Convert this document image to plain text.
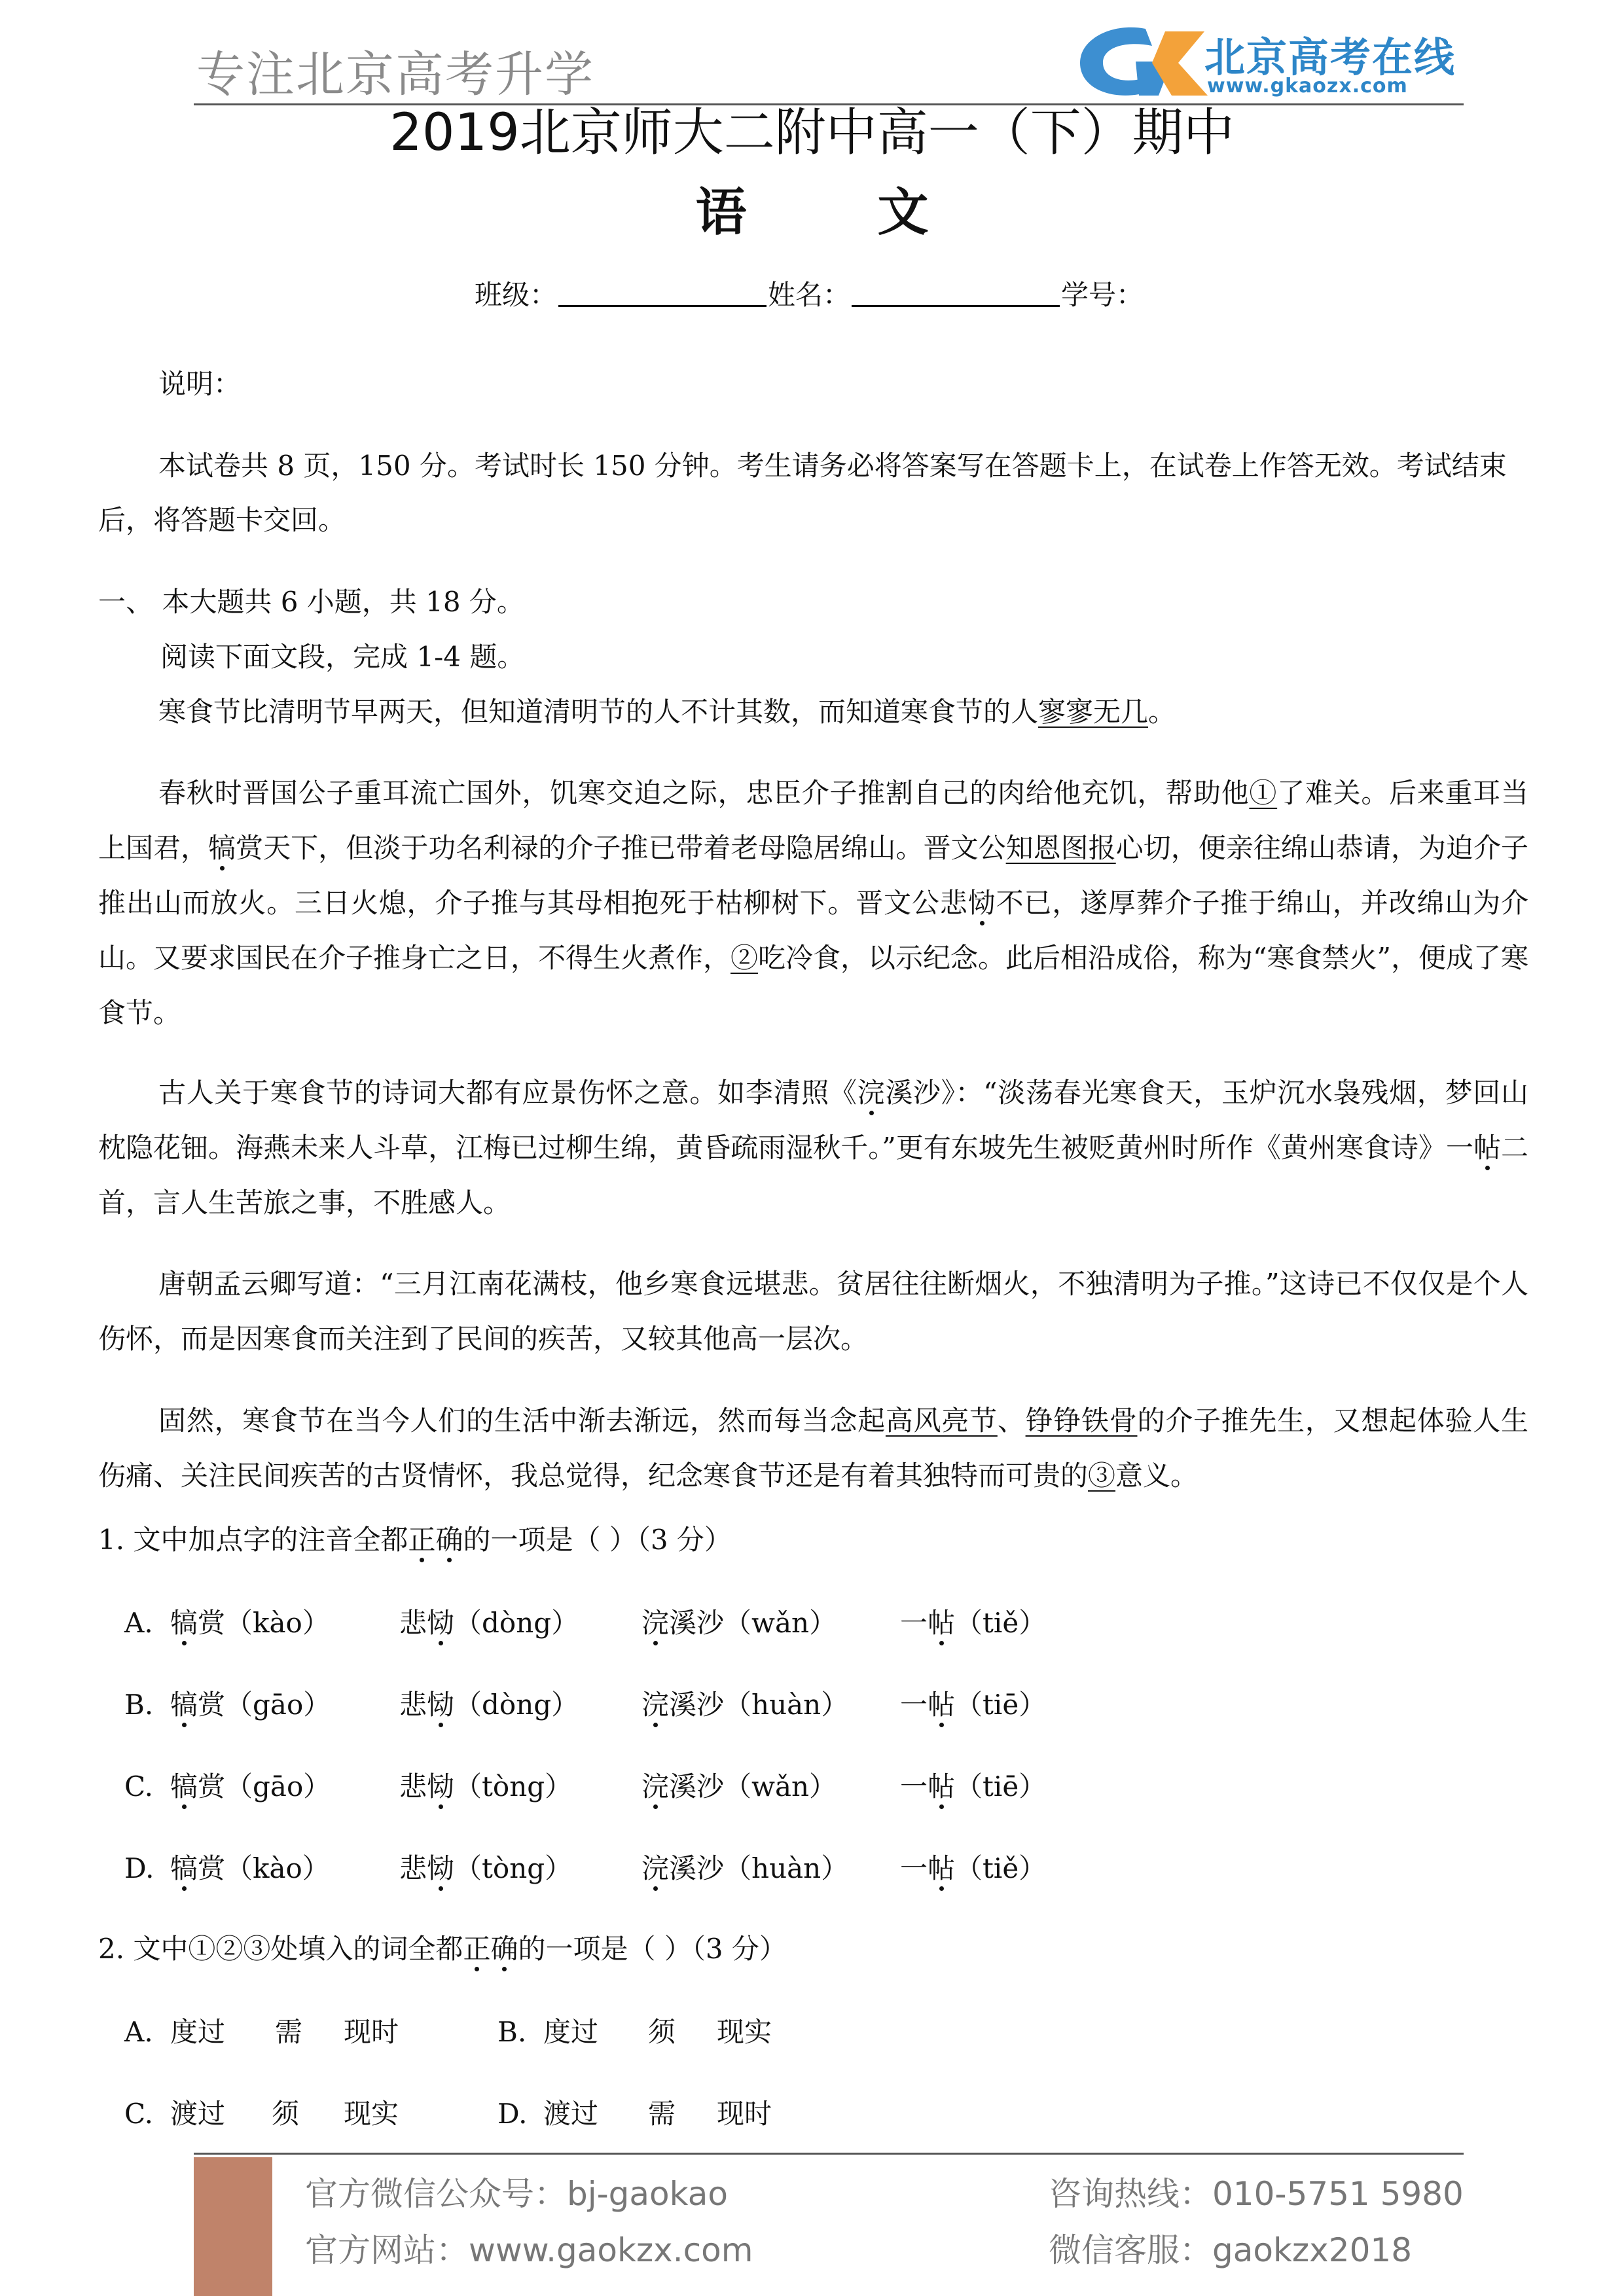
专注北京高考升学	北京高考在线
www.gkaozx.com
2019北京师大二附中高一（下）期中
语	文
班级：	姓名：	学号：
说明：
本试卷共 8 页，150 分。考试时长 150 分钟。考生请务必将答案写在答题卡上，在试卷上作答无效。考试结束
后，将答题卡交回。
一、 本大题共 6 小题，共 18 分。
阅读下面文段，完成 1-4 题。
寒食节比清明节早两天，但知道清明节的人不计其数，而知道寒食节的人寥寥无几。
春秋时晋国公子重耳流亡国外，饥寒交迫之际，忠臣介子推割自己的肉给他充饥，帮助他①了难关。后来重耳当上国君，犒赏天下，但淡于功名利禄的介子推已带着老母隐居绵山。晋文公知恩图报心切，便亲往绵山恭请，为迫介子推出山而放火。三日火熄，介子推与其母相抱死于枯柳树下。晋文公悲恸不已，遂厚葬介子推于绵山，并改绵山为介山。又要求国民在介子推身亡之日，不得生火煮作，②吃冷食，以示纪念。此后相沿成俗，称为“寒食禁火”，便成了寒食节。
古人关于寒食节的诗词大都有应景伤怀之意。如李清照《浣溪沙》：“淡荡春光寒食天，玉炉沉水袅残烟，梦回山枕隐花钿。海燕未来人斗草，江梅已过柳生绵，黄昏疏雨湿秋千。”更有东坡先生被贬黄州时所作《黄州寒食诗》一帖二首，言人生苦旅之事，不胜感人。
唐朝孟云卿写道：“三月江南花满枝，他乡寒食远堪悲。贫居往往断烟火，不独清明为子推。”这诗已不仅仅是个人伤怀，而是因寒食而关注到了民间的疾苦，又较其他高一层次。
固然，寒食节在当今人们的生活中渐去渐远，然而每当念起高风亮节、铮铮铁骨的介子推先生，又想起体验人生伤痛、关注民间疾苦的古贤情怀，我总觉得，纪念寒食节还是有着其独特而可贵的③意义。
1. 文中加点字的注音全都正确的一项是（ ）（3 分）
A. 犒赏（kào）	悲恸（dòng） 浣溪沙（wǎn） 一帖（tiě）
B. 犒赏（gāo） 悲恸（dòng） 浣溪沙（huàn） 一帖（tiē）
C. 犒赏（gāo） 悲恸（tòng）	浣溪沙（wǎn） 一帖（tiē）
D. 犒赏（kào）	悲恸（tòng）	浣溪沙（huàn） 一帖（tiě）
2. 文中①②③处填入的词全都正确的一项是（ ）（3 分）
A. 度过 需 现时	B. 度过 须 现实
C. 渡过 须 现实	D. 渡过 需 现时
官方微信公众号：bj-gaokao
官方网站：www.gaokzx.com
咨询热线：010-5751 5980
微信客服：gaokzx2018
